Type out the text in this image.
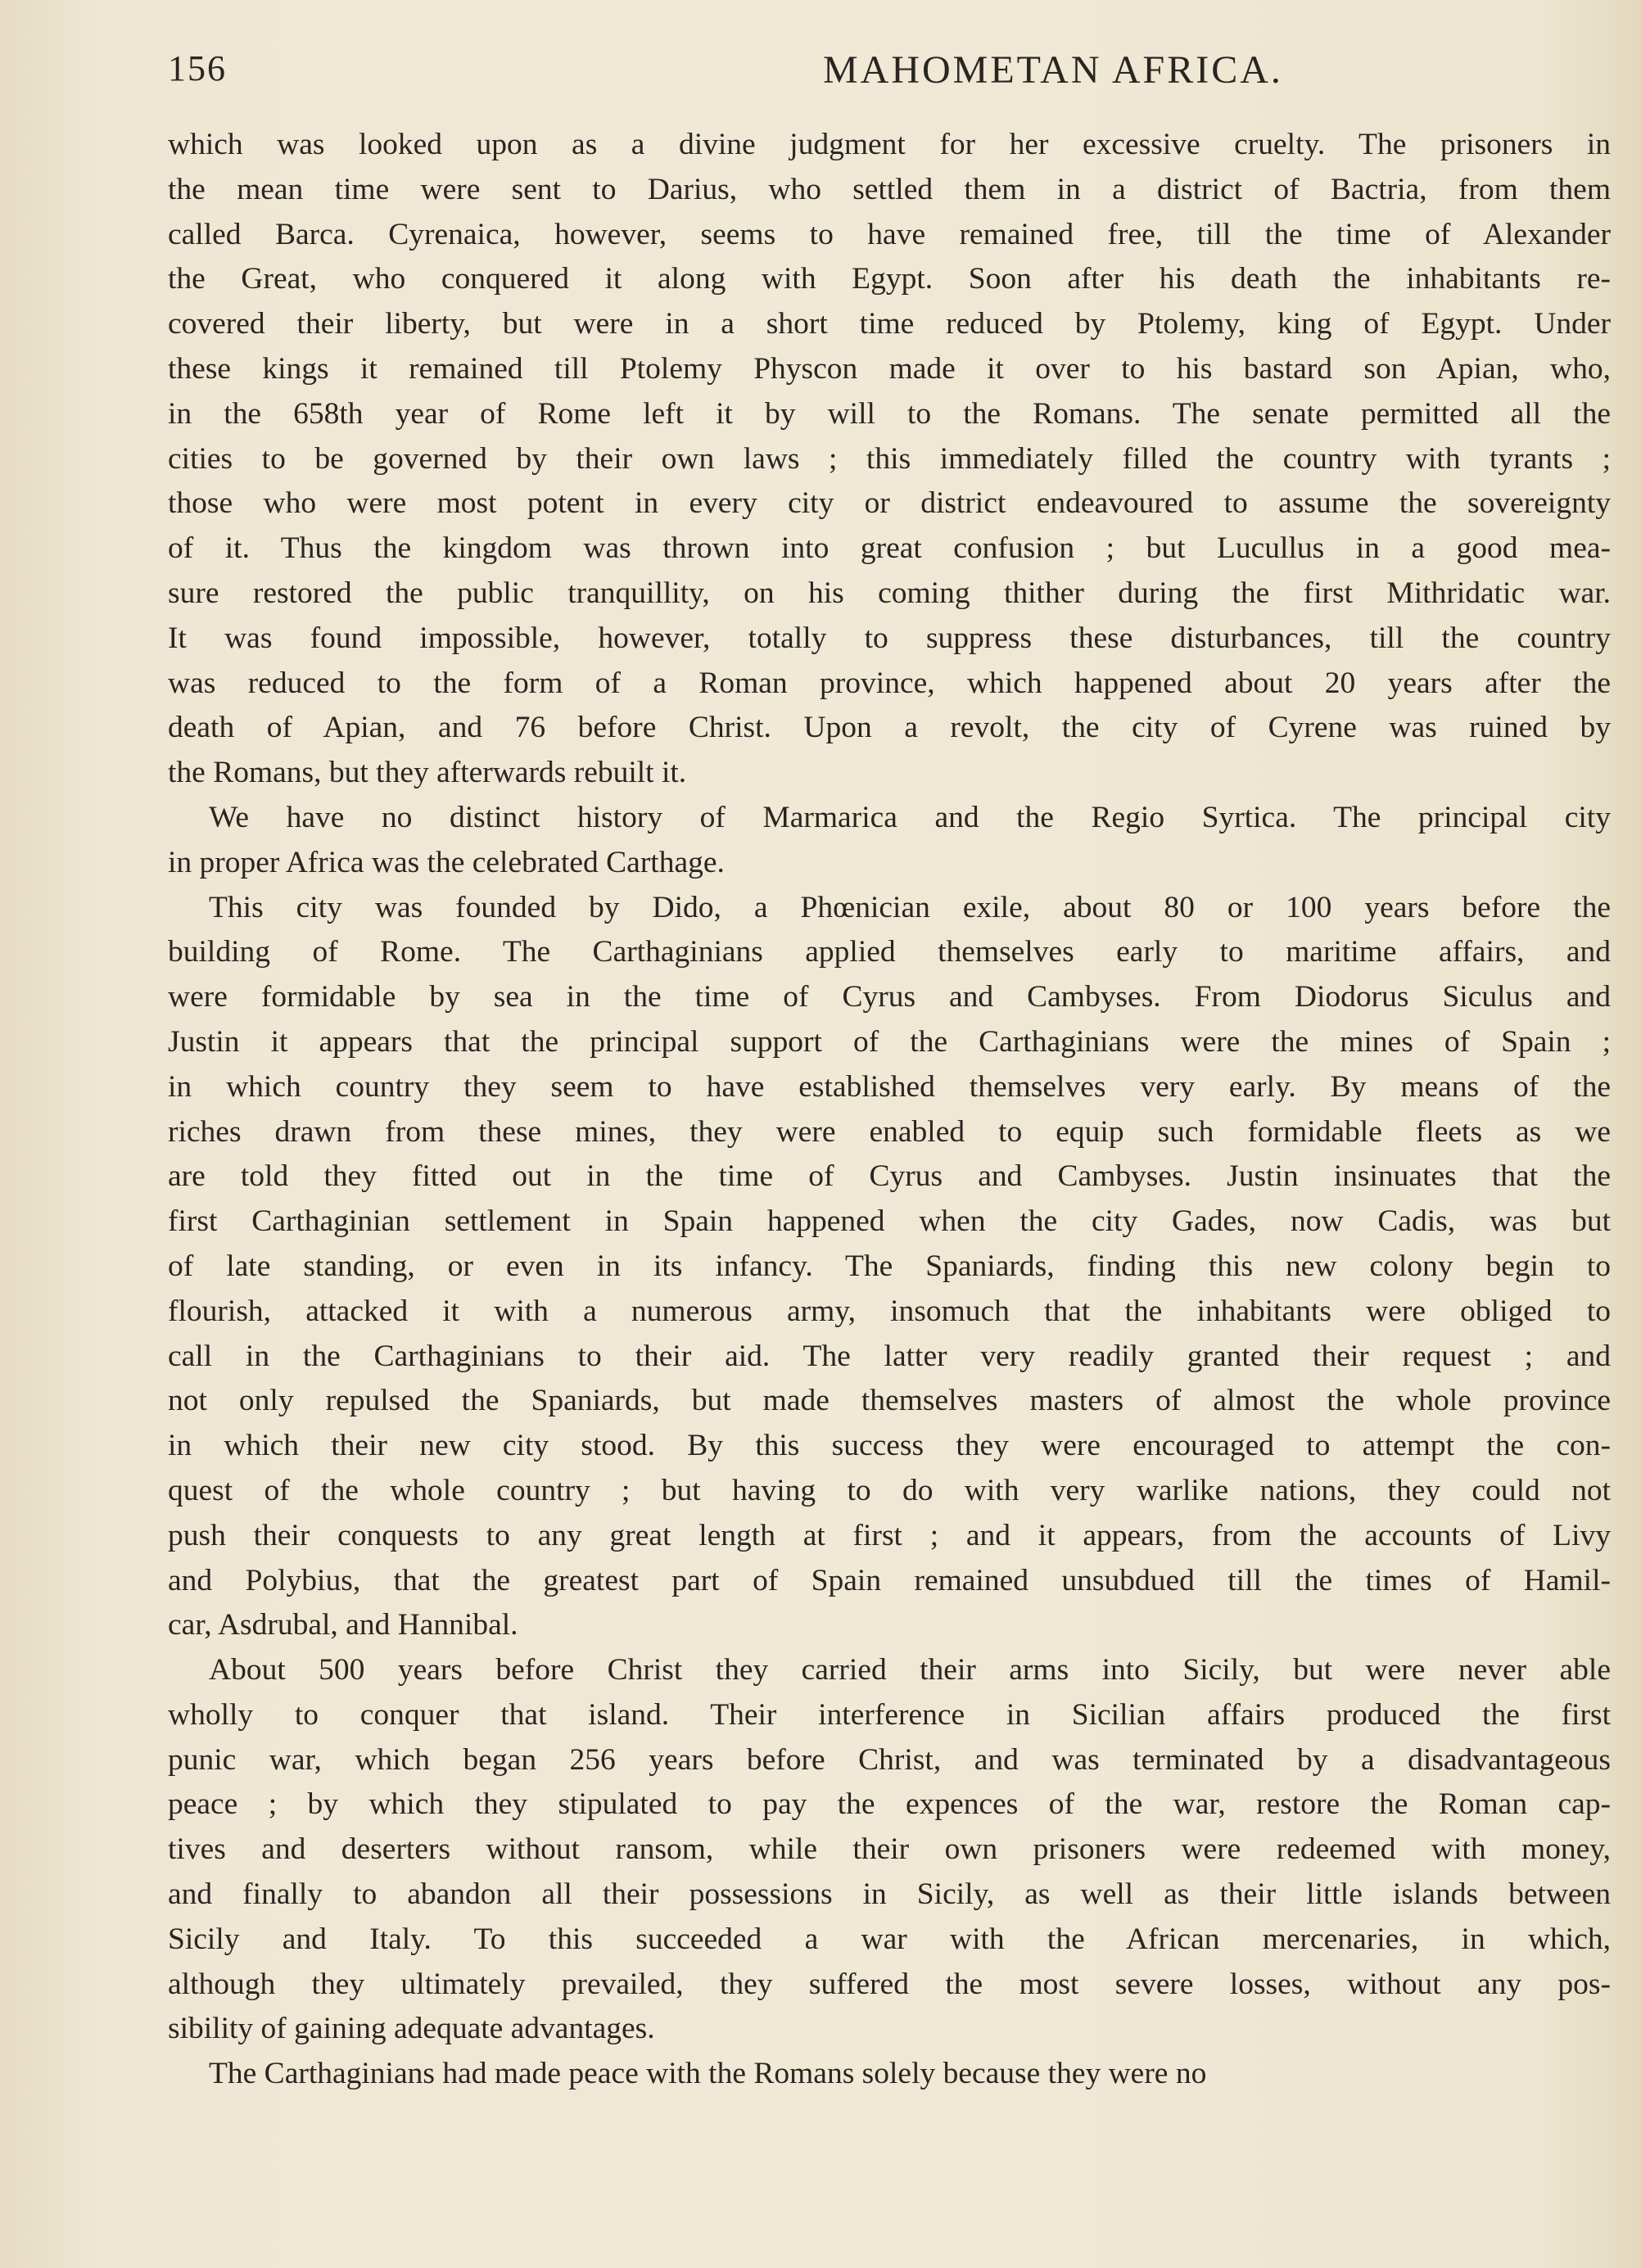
156	MAHOMETAN AFRICA.
which was looked upon as a divine judgment for her excessive cruelty. The prisoners in
the mean time were sent to Darius, who settled them in a district of Bactria, from them
called Barca. Cyrenaica, however, seems to have remained free, till the time of Alexander
the Great, who conquered it along with Egypt. Soon after his death the inhabitants re-
covered their liberty, but were in a short time reduced by Ptolemy, king of Egypt. Under
these kings it remained till Ptolemy Physcon made it over to his bastard son Apian, who,
in the 658th year of Rome left it by will to the Romans. The senate permitted all the
cities to be governed by their own laws ; this immediately filled the country with tyrants ;
those who were most potent in every city or district endeavoured to assume the sovereignty
of it. Thus the kingdom was thrown into great confusion ; but Lucullus in a good mea-
sure restored the public tranquillity, on his coming thither during the first Mithridatic war.
It was found impossible, however, totally to suppress these disturbances, till the country
was reduced to the form of a Roman province, which happened about 20 years after the
death of Apian, and 76 before Christ. Upon a revolt, the city of Cyrene was ruined by
the Romans, but they afterwards rebuilt it.
We have no distinct history of Marmarica and the Regio Syrtica. The principal city
in proper Africa was the celebrated Carthage.
This city was founded by Dido, a Phœnician exile, about 80 or 100 years before the
building of Rome. The Carthaginians applied themselves early to maritime affairs, and
were formidable by sea in the time of Cyrus and Cambyses. From Diodorus Siculus and
Justin it appears that the principal support of the Carthaginians were the mines of Spain ;
in which country they seem to have established themselves very early. By means of the
riches drawn from these mines, they were enabled to equip such formidable fleets as we
are told they fitted out in the time of Cyrus and Cambyses. Justin insinuates that the
first Carthaginian settlement in Spain happened when the city Gades, now Cadis, was but
of late standing, or even in its infancy. The Spaniards, finding this new colony begin to
flourish, attacked it with a numerous army, insomuch that the inhabitants were obliged to
call in the Carthaginians to their aid. The latter very readily granted their request ; and
not only repulsed the Spaniards, but made themselves masters of almost the whole province
in which their new city stood. By this success they were encouraged to attempt the con-
quest of the whole country ; but having to do with very warlike nations, they could not
push their conquests to any great length at first ; and it appears, from the accounts of Livy
and Polybius, that the greatest part of Spain remained unsubdued till the times of Hamil-
car, Asdrubal, and Hannibal.
About 500 years before Christ they carried their arms into Sicily, but were never able
wholly to conquer that island. Their interference in Sicilian affairs produced the first
punic war, which began 256 years before Christ, and was terminated by a disadvantageous
peace ; by which they stipulated to pay the expences of the war, restore the Roman cap-
tives and deserters without ransom, while their own prisoners were redeemed with money,
and finally to abandon all their possessions in Sicily, as well as their little islands between
Sicily and Italy. To this succeeded a war with the African mercenaries, in which,
although they ultimately prevailed, they suffered the most severe losses, without any pos-
sibility of gaining adequate advantages.
The Carthaginians had made peace with the Romans solely because they were no
